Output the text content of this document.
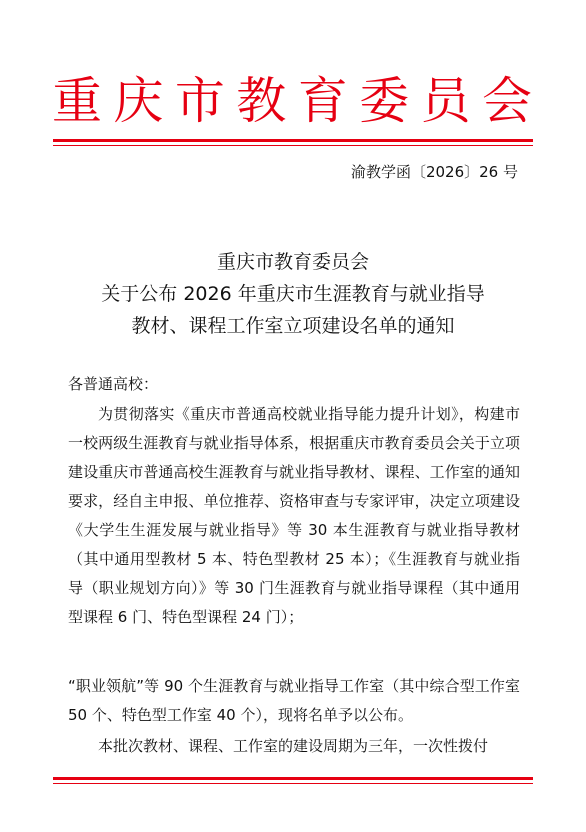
重庆市教育委员会
渝教学函〔2026〕26 号
重庆市教育委员会
关于公布 2026 年重庆市生涯教育与就业指导
教材、课程工作室立项建设名单的通知
各普通高校：

为贯彻落实《重庆市普通高校就业指导能力提升计划》，构建市一校两级生涯教育与就业指导体系，根据重庆市教育委员会关于立项建设重庆市普通高校生涯教育与就业指导教材、课程、工作室的通知要求，经自主申报、单位推荐、资格审查与专家评审，决定立项建设《大学生生涯发展与就业指导》等 30 本生涯教育与就业指导教材（其中通用型教材 5 本、特色型教材 25 本）；《生涯教育与就业指导（职业规划方向）》等 30 门生涯教育与就业指导课程（其中通用型课程 6 门、特色型课程 24 门）；

“职业领航”等 90 个生涯教育与就业指导工作室（其中综合型工作室 50 个、特色型工作室 40 个），现将名单予以公布。

本批次教材、课程、工作室的建设周期为三年，一次性拨付
